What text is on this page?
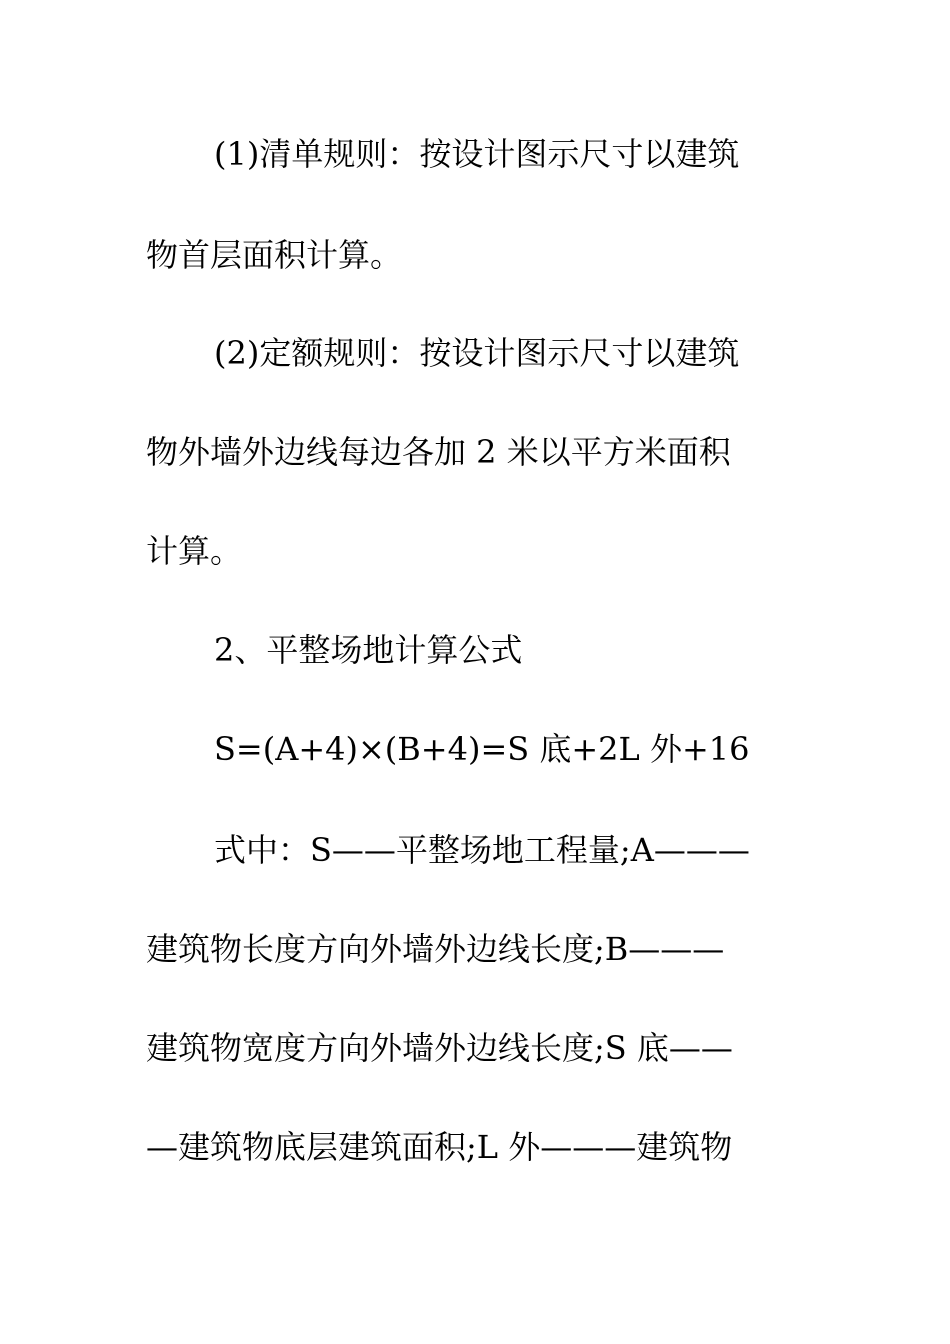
(1)清单规则：按设计图示尺寸以建筑
物首层面积计算。
(2)定额规则：按设计图示尺寸以建筑
物外墙外边线每边各加 2 米以平方米面积
计算。
2、平整场地计算公式
S=(A+4)×(B+4)=S 底+2L 外+16
式中：S——平整场地工程量;A———
建筑物长度方向外墙外边线长度;B———
建筑物宽度方向外墙外边线长度;S 底——
—建筑物底层建筑面积;L 外———建筑物
